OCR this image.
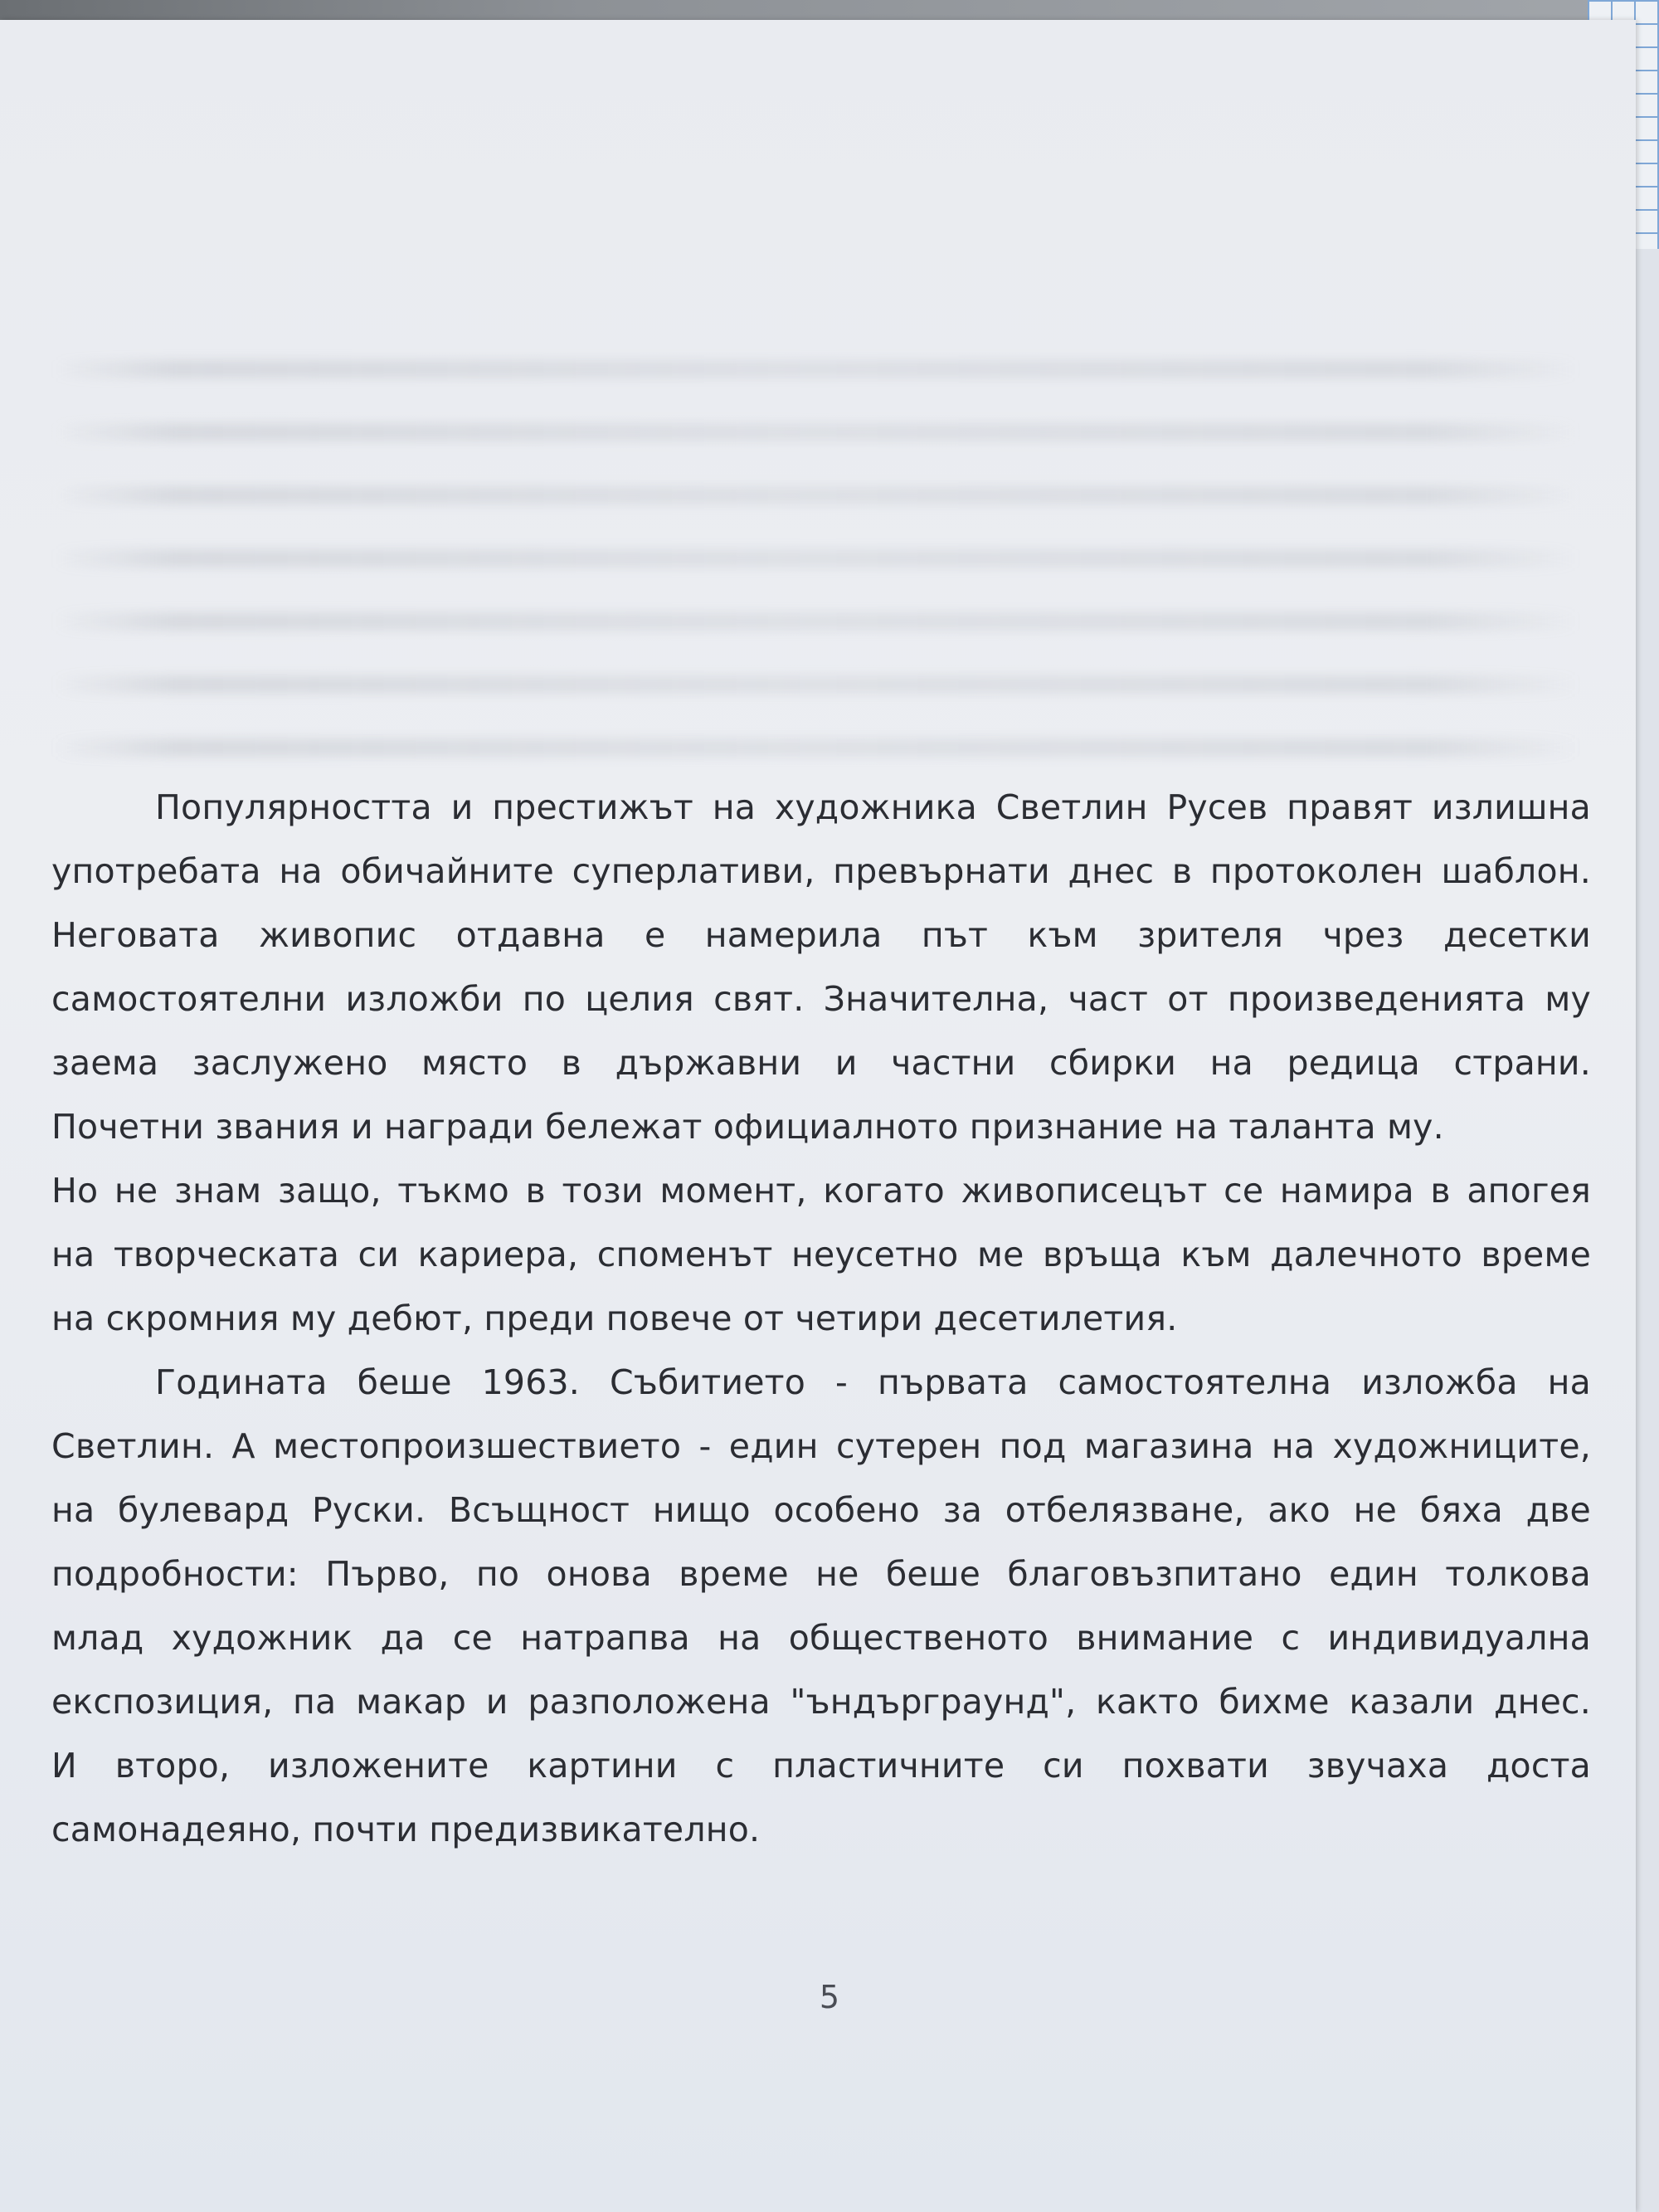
Популярността и престижът на художника Светлин Русев правят излишна
употребата на обичайните суперлативи, превърнати днес в протоколен шаблон.
Неговата живопис отдавна е намерила път към зрителя чрез десетки
самостоятелни изложби по целия свят. Значителна, част от произведенията му
заема заслужено място в държавни и частни сбирки на редица страни.
Почетни звания и награди бележат официалното признание на таланта му.

Но не знам защо, тъкмо в този момент, когато живописецът се намира в апогея
на творческата си кариера, споменът неусетно ме връща към далечното време
на скромния му дебют, преди повече от четири десетилетия.

Годината беше 1963. Събитието - първата самостоятелна изложба на
Светлин. А местопроизшествието - един сутерен под магазина на художниците,
на булевард Руски. Всъщност нищо особено за отбелязване, ако не бяха две
подробности: Първо, по онова време не беше благовъзпитано един толкова
млад художник да се натрапва на общественото внимание с индивидуална
експозиция, па макар и разположена "ъндърграунд", както бихме казали днес.
И второ, изложените картини с пластичните си похвати звучаха доста
самонадеяно, почти предизвикателно.

5
